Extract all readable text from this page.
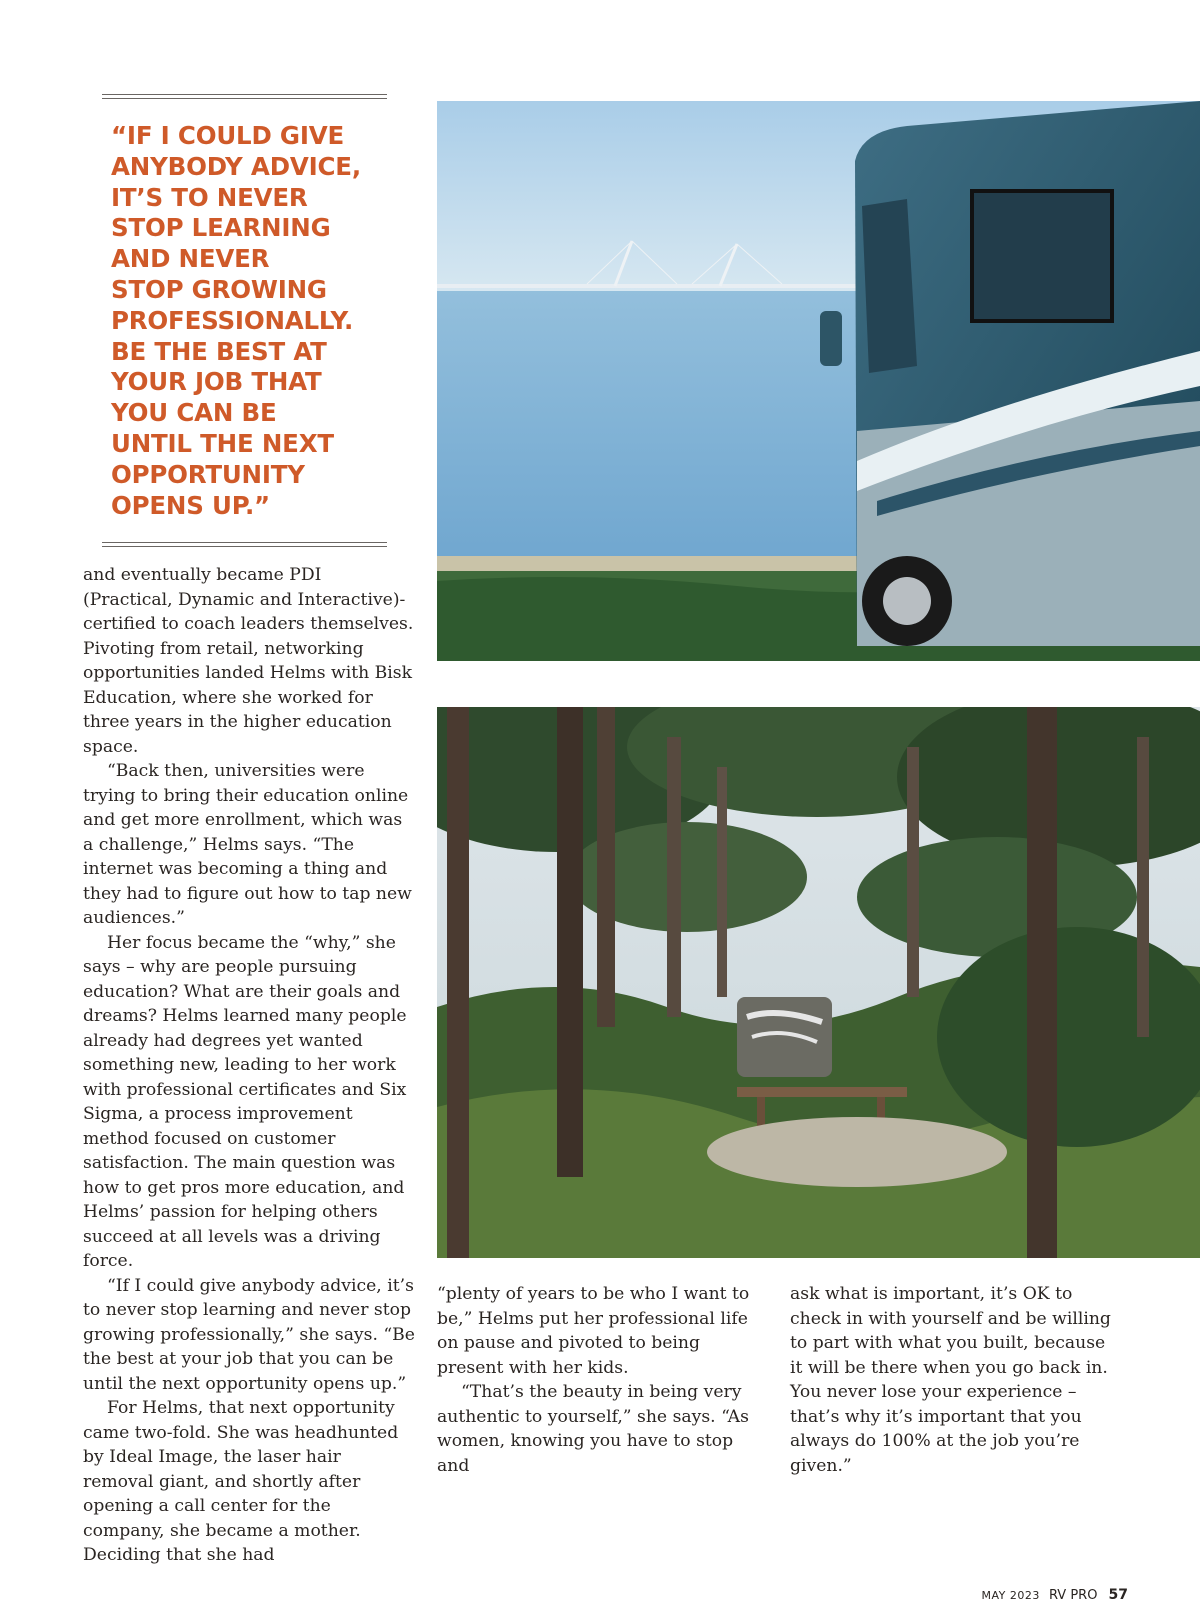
“IF I COULD GIVE
ANYBODY ADVICE,
IT’S TO NEVER
STOP LEARNING
AND NEVER
STOP GROWING
PROFESSIONALLY.
BE THE BEST AT
YOUR JOB THAT
YOU CAN BE
UNTIL THE NEXT
OPPORTUNITY
OPENS UP.”

and eventually became PDI (Practical, Dynamic and Interactive)-certified to coach leaders themselves. Pivoting from retail, networking opportunities landed Helms with Bisk Education, where she worked for three years in the higher education space.

“Back then, universities were trying to bring their education online and get more enrollment, which was a challenge,” Helms says. “The internet was becoming a thing and they had to figure out how to tap new audiences.”

Her focus became the “why,” she says – why are people pursuing education? What are their goals and dreams? Helms learned many people already had degrees yet wanted something new, leading to her work with professional certificates and Six Sigma, a process improvement method focused on customer satisfaction. The main question was how to get pros more education, and Helms’ passion for helping others succeed at all levels was a driving force.

“If I could give anybody advice, it’s to never stop learning and never stop growing professionally,” she says. “Be the best at your job that you can be until the next opportunity opens up.”

For Helms, that next opportunity came two-fold. She was headhunted by Ideal Image, the laser hair removal giant, and shortly after opening a call center for the company, she became a mother. Deciding that she had

“plenty of years to be who I want to be,” Helms put her professional life on pause and pivoted to being present with her kids.

“That’s the beauty in being very authentic to yourself,” she says. “As women, knowing you have to stop and

ask what is important, it’s OK to check in with yourself and be willing to part with what you built, because it will be there when you go back in. You never lose your experience – that’s why it’s important that you always do 100% at the job you’re given.”

MAY 2023 RV PRO 57
